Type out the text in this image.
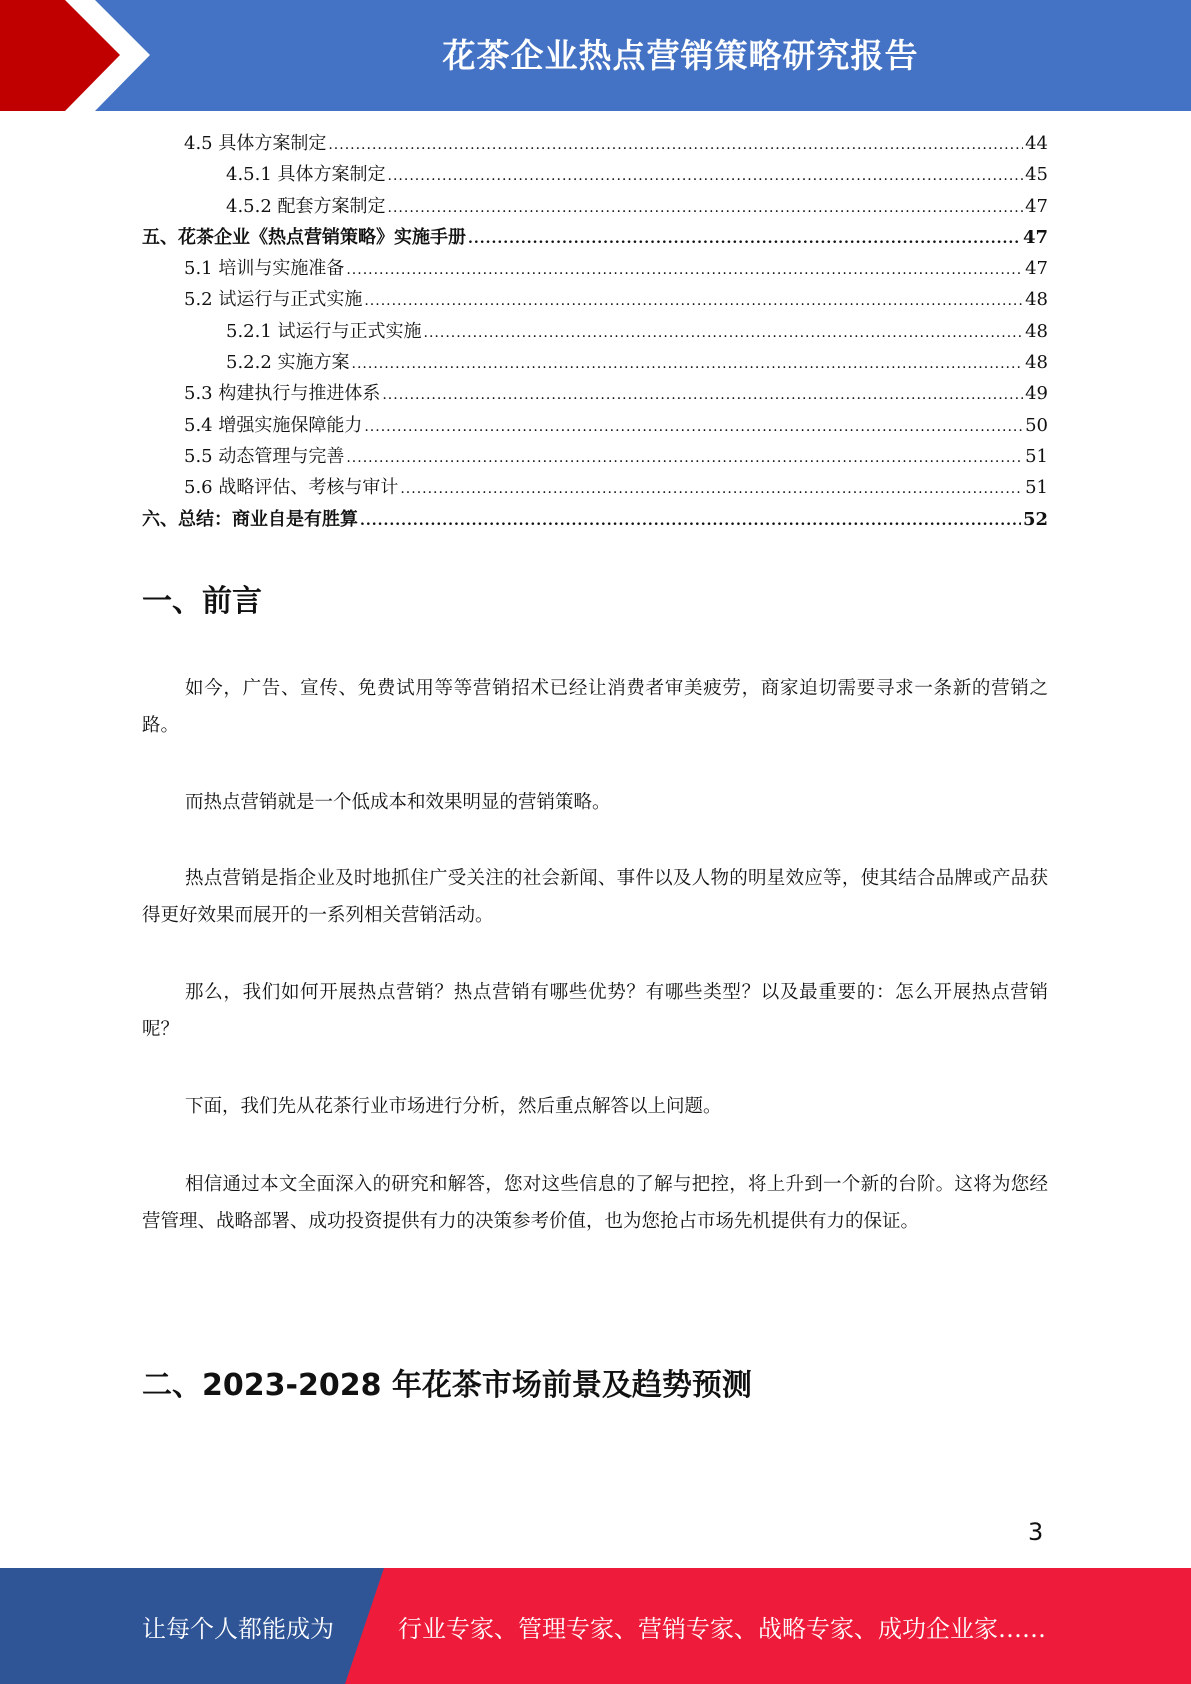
花茶企业热点营销策略研究报告
4.5 具体方案制定 .....	44
4.5.1 具体方案制定 .....	45
4.5.2 配套方案制定 .....	47
五、花茶企业《热点营销策略》实施手册 .....	47
5.1 培训与实施准备 .....	47
5.2 试运行与正式实施 .....	48
5.2.1 试运行与正式实施 .....	48
5.2.2 实施方案 .....	48
5.3 构建执行与推进体系 .....	49
5.4 增强实施保障能力 .....	50
5.5 动态管理与完善 .....	51
5.6 战略评估、考核与审计 .....	51
六、总结：商业自是有胜算 .....	52
一、前言

如今，广告、宣传、免费试用等等营销招术已经让消费者审美疲劳，商家迫切需要寻求一条新的营销之路。

而热点营销就是一个低成本和效果明显的营销策略。

热点营销是指企业及时地抓住广受关注的社会新闻、事件以及人物的明星效应等，使其结合品牌或产品获得更好效果而展开的一系列相关营销活动。

那么，我们如何开展热点营销？热点营销有哪些优势？有哪些类型？以及最重要的：怎么开展热点营销呢？

下面，我们先从花茶行业市场进行分析，然后重点解答以上问题。

相信通过本文全面深入的研究和解答，您对这些信息的了解与把控，将上升到一个新的台阶。这将为您经营管理、战略部署、成功投资提供有力的决策参考价值，也为您抢占市场先机提供有力的保证。

二、2023-2028 年花茶市场前景及趋势预测
3
让每个人都能成为	行业专家、管理专家、营销专家、战略专家、成功企业家……
